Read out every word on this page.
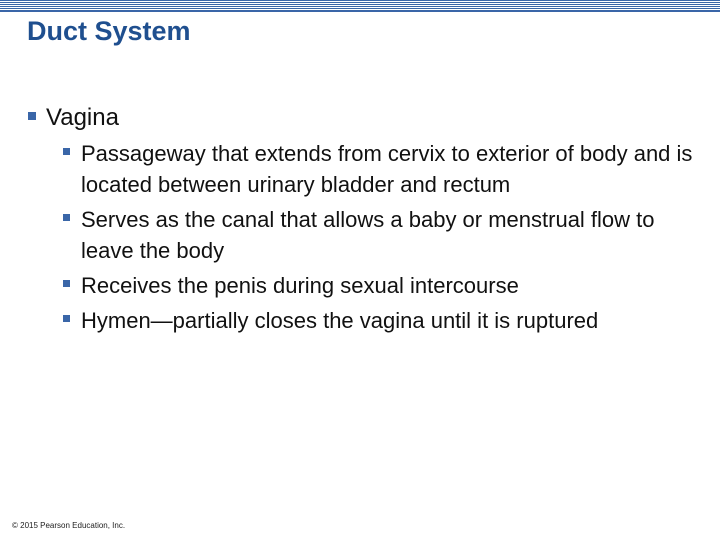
Duct System
Vagina
Passageway that extends from cervix to exterior of body and is located between urinary bladder and rectum
Serves as the canal that allows a baby or menstrual flow to leave the body
Receives the penis during sexual intercourse
Hymen—partially closes the vagina until it is ruptured
© 2015 Pearson Education, Inc.
